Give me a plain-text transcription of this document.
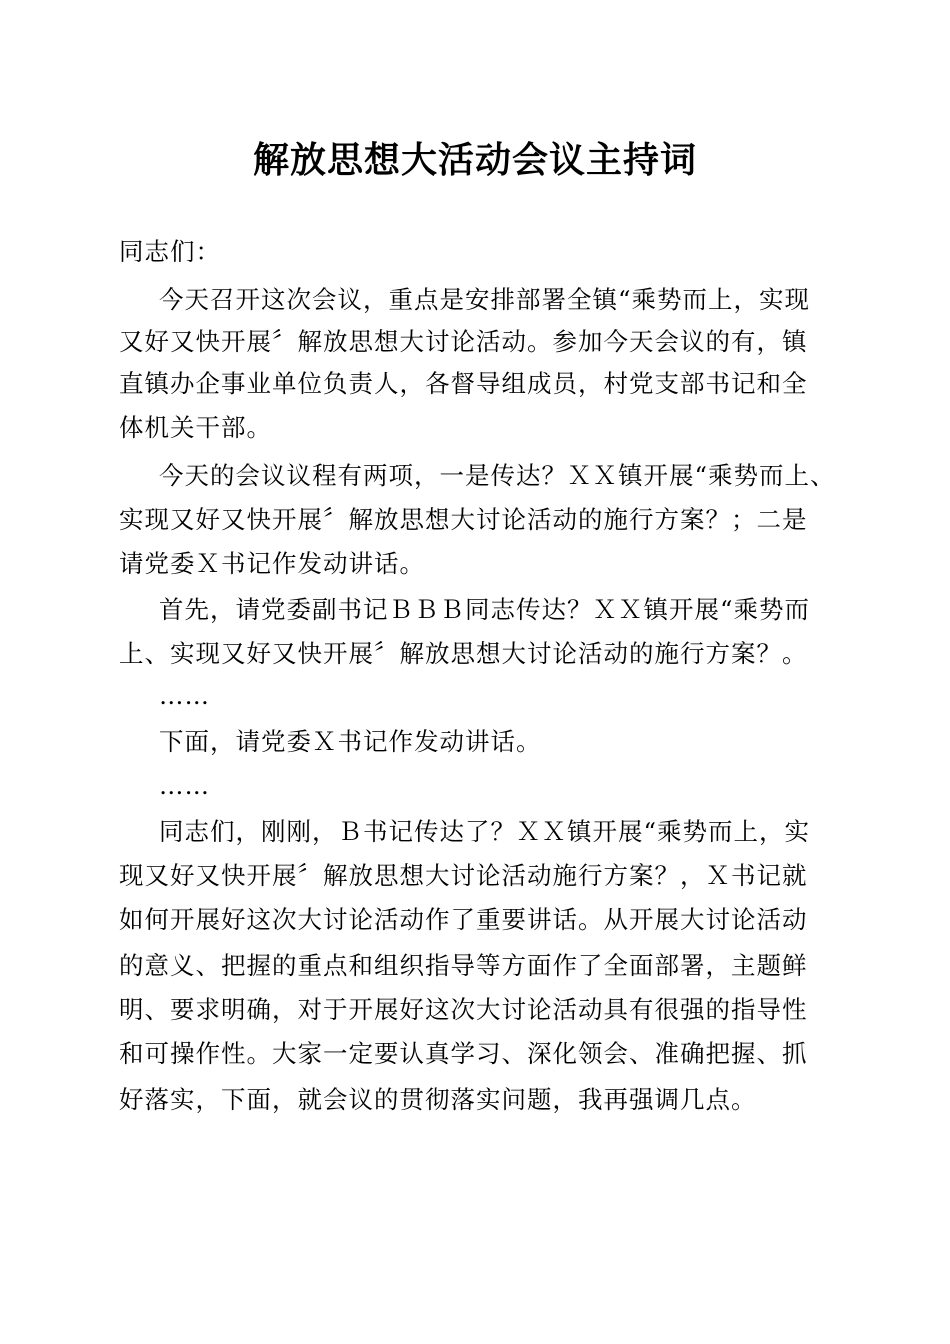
解放思想大活动会议主持词
同志们：
今天召开这次会议，重点是安排部署全镇“乘势而上，实现
又好又快开展〞解放思想大讨论活动。参加今天会议的有，镇
直镇办企事业单位负责人，各督导组成员，村党支部书记和全
体机关干部。
今天的会议议程有两项，一是传达？ＸＸ镇开展“乘势而上、
实现又好又快开展〞解放思想大讨论活动的施行方案？；二是
请党委Ｘ书记作发动讲话。
首先，请党委副书记ＢＢＢ同志传达？ＸＸ镇开展“乘势而
上、实现又好又快开展〞解放思想大讨论活动的施行方案？。
……
下面，请党委Ｘ书记作发动讲话。
……
同志们，刚刚，Ｂ书记传达了？ＸＸ镇开展“乘势而上，实
现又好又快开展〞解放思想大讨论活动施行方案？，Ｘ书记就
如何开展好这次大讨论活动作了重要讲话。从开展大讨论活动
的意义、把握的重点和组织指导等方面作了全面部署，主题鲜
明、要求明确，对于开展好这次大讨论活动具有很强的指导性
和可操作性。大家一定要认真学习、深化领会、准确把握、抓
好落实，下面，就会议的贯彻落实问题，我再强调几点。
